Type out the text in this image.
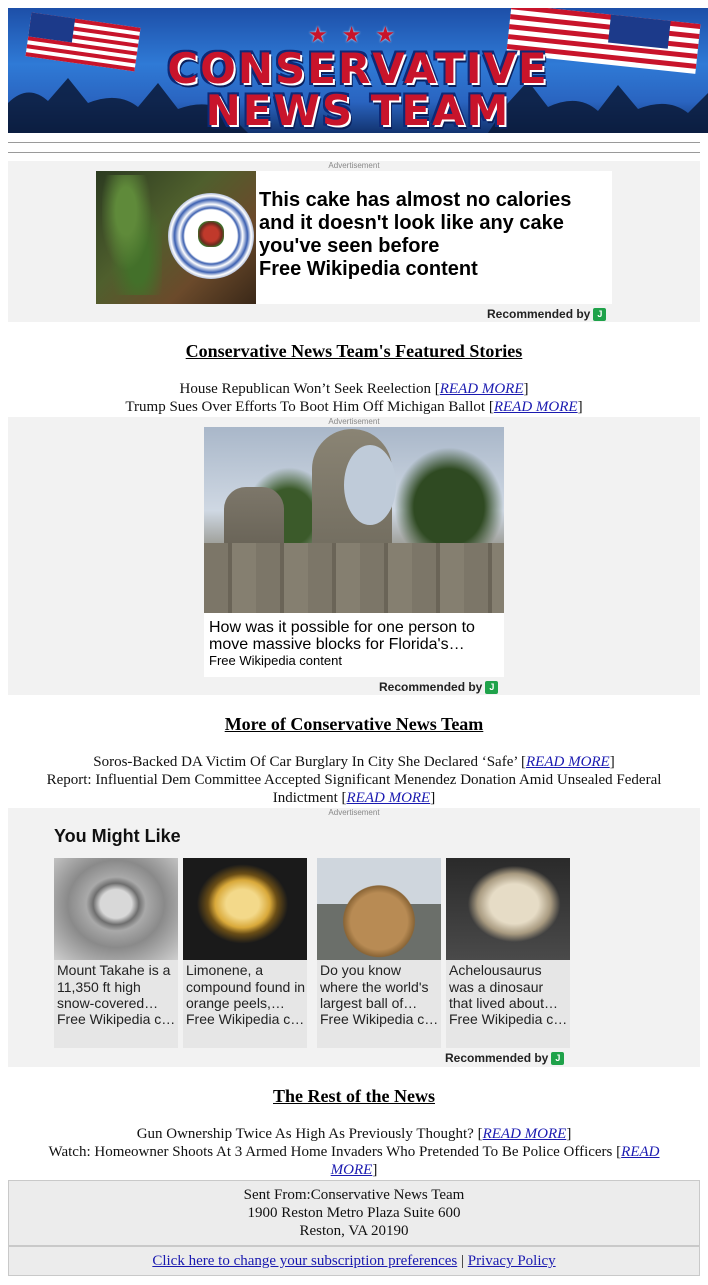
★★★
CONSERVATIVE
NEWS TEAM
Advertisement
This cake has almost no calories and it doesn't look like any cake you've seen before
Free Wikipedia content
Recommended by J
Conservative News Team's Featured Stories
House Republican Won’t Seek Reelection [READ MORE]
Trump Sues Over Efforts To Boot Him Off Michigan Ballot [READ MORE]
Advertisement
How was it possible for one person to move massive blocks for Florida's…
Free Wikipedia content
Recommended by J
More of Conservative News Team
Soros-Backed DA Victim Of Car Burglary In City She Declared ‘Safe’ [READ MORE]
Report: Influential Dem Committee Accepted Significant Menendez Donation Amid Unsealed Federal Indictment [READ MORE]
Advertisement
You Might Like
Mount Takahe is a 11,350 ft high snow-covered…
Free Wikipedia c…
Limonene, a compound found in orange peels,…
Free Wikipedia c…
Do you know where the world's largest ball of…
Free Wikipedia c…
Achelousaurus was a dinosaur that lived about…
Free Wikipedia c…
Recommended by J
The Rest of the News
Gun Ownership Twice As High As Previously Thought? [READ MORE]
Watch: Homeowner Shoots At 3 Armed Home Invaders Who Pretended To Be Police Officers [READ MORE]
Sent From:Conservative News Team
1900 Reston Metro Plaza Suite 600
Reston, VA 20190
Click here to change your subscription preferences | Privacy Policy
